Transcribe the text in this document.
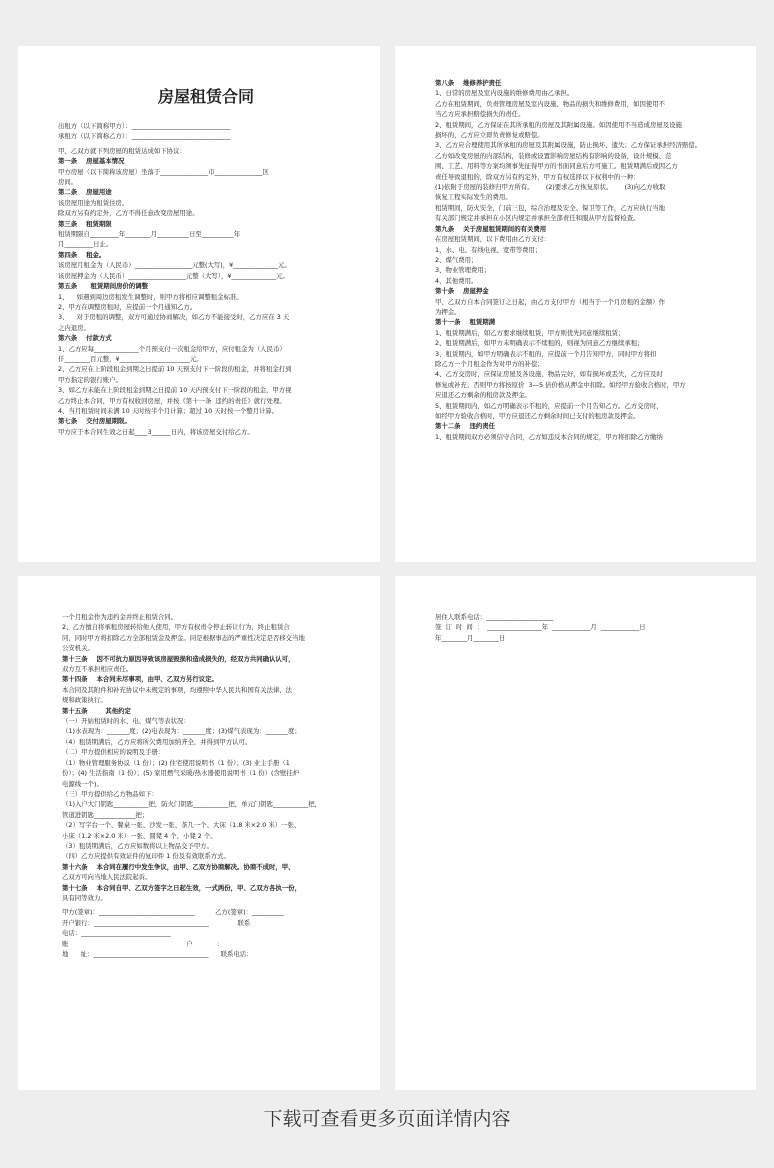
房屋租赁合同

出租方（以下简称甲方）：_______________________________

承租方（以下简称乙方）：_______________________________

甲、乙双方就下列房屋的租赁达成如下协议：

第一条    房屋基本情况

甲方房屋（以下简称该房屋）坐落于_______________市_______________区

房间。

第二条    房屋用途

该房屋用途为租赁住房。

除双方另有约定外，乙方不得任意改变房屋用途。

第三条    租赁期限

租赁期限自_________年________月__________日至__________年

月_________日止。

第四条    租金。

该房屋月租金为（人民币）__________________元整(大写)，¥______________元。

该房屋押金为（人民币）__________________元整（大写），¥______________元。

第五条      租赁期间房价的调整

1、    如遇到周边房租发生调整时，则甲方将相应调整租金标准。

2、甲方在调整房租时，应提前一个月通知乙方。

3、    对于房租的调整，双方可通过协商解决，如乙方不能接受时，乙方应在 3 天

之内退房。

第六条    付款方式

1、乙方应每______________个月预支付一次租金给甲方，应付租金为（人民币）

仟________百元整，¥______________________元。

2、乙方应在上阶段租金到期之日提前 10 天预支付下一阶段的租金，并将租金打到

甲方指定的银行账户。

3、如乙方未能在上阶段租金到期之日提前 10 天内预支付下一阶段的租金，甲方视

乙方终止本合同，甲方有权收回房屋，并按《第十一条  违约的责任》就行处理。

4、当月租赁时间未满 10 天时按半个月计算；超过 10 天时按一个整月计算。

第七条    交付房屋期限。

甲方应于本合同生效之日起____3______日内，将该房屋交付给乙方。

第八条    维修养护责任

1、日常的房屋及室内设施的维修费用由乙承担。

乙方在租赁期间，负责管理房屋及室内设施、物品的损失和维修费用，如因使用不

当乙方应承担赔偿损失的责任。

2、租赁期间，乙方保证在其所承租的房屋及其附属设施。如因使用不当造成房屋及设施

损坏的，乙方应立即负责修复或赔偿。

3、乙方应合理使用其所承租的房屋及其附属设施，防止损坏、遗失；乙方保证承担经济赔偿。

乙方如改变房屋的内部结构，装修或设置影响房屋结构有影响的设备，设计规模、范

围、工艺、用料等方案均须事先征得甲方的书面同意后方可施工。租赁期满后或因乙方

责任导致退租的，除双方另有约定外，甲方有权选择以下权利中的一种：

(1)依附于房屋的装修归甲方所有。      (2)要求乙方恢复原状。      (3)向乙方收取

恢复工程实际发生的费用。

租赁期间，防火安全，门前三包，综合治理及安全、保卫等工作，乙方应执行当地

有关部门规定并承担在小区内规定并承担全部责任和服从甲方监督检查。

第九条    关于房屋租赁期间的有关费用

在房屋租赁期间，以下费用由乙方支付：

1、水、电、有线电视、宽带等费用；

2、煤气费用；

3、物业管理费用；

4、其他费用。

第十条    房屋押金

甲、乙双方自本合同签订之日起，由乙方支付甲方（相当于一个月房租的金额）作

为押金。

第十一条    租赁期满

1、租赁期满后，如乙方要求继续租赁，甲方则优先同意继续租赁；

2、租赁期满后，如甲方未明确表示不续租的，则视为同意乙方继续承租；

3、租赁期内，如甲方明确表示不租的，应提前一个月告知甲方，同时甲方将扣

除乙方一个月租金作为对甲方的补偿；

4、乙方交房时，应保证房屋及各设施、物品完好，如有损坏或丢失，乙方应及时

修复或补充，否则甲方将按原价  3—5 倍价格从押金中扣除。如经甲方验收合格时，甲方

应退还乙方剩余的租房款及押金。

5、租赁期间内，如乙方明确表示不租的，应提前一个月告知乙方。乙方交房时，

如经甲方验收合格时，甲方应退还乙方剩余时间已支付的租房款及押金。

第十二条    违约责任

1、租赁期间双方必须信守合同，乙方如违反本合同的规定，甲方将扣除乙方缴纳

一个月租金作为违约金并终止租赁合同。

2、乙方擅自将承租房屋转给他人使用，甲方有权责令停止转让行为，终止租赁合

同，同时甲方将扣除乙方全部租赁金及押金。同是根据事态的严重性决定是否移交当地

公安机关。

第十三条    因不可抗力原因导致该房屋毁损和造成损失的，经双方共同确认认可，

双方互不承担相应责任。

第十四条    本合同未尽事项，由甲、乙双方另行议定。

本合同及其附件和补充协议中未规定的事项，均遵照中华人民共和国有关法律、法

规和政策执行。

第十五条        其他约定

（一）开始租赁时的水、电、煤气等表状况：

（1)水表现为：_______度；(2)电表现为：_______度；(3)煤气表现为：_______度；

（4）租赁期满后，乙方应将所欠费用加纳齐全，并得到甲方认可。

（二）甲方提供相应的说明及手册：

（1）物业管理服务协议（1 份）；(2) 住宅使用说明书（1 份）；(3) 业主手册（1

份）；(4) 生活指南（1 份）；(5) 家用燃气采暖/热水器使用说明书（1 份）(含壁挂炉

电源线一个)。

（三）甲方提供给乙方物品如下：

（1)入户大门钥匙___________把，防火门钥匙___________把，单元门钥匙___________把，

管道进钥匙_____________把；

（2）写字台一个、餐桌一张、沙发一张、茶几一个、大床（1.8 米×2.0 米）一张、

小床（1.2 米×2.0 米）一张、圆凳 4 个、小凳 2 个。

（3）租赁期满后，乙方应如数将以上物品交予甲方。

（四）乙方应提供有效证件的复印件 1 份及有效联系方式。

第十六条    本合同在履行中发生争议，由甲、乙双方协商解决。协商不成时，甲、

乙双方可向当地人民法院起诉。

第十七条    本合同自甲、乙双方签字之日起生效，一式两份，甲、乙双方各执一份，

具有同等效力。

甲方(签章)：______________________________          乙方(签章)：__________

开户银行：____________________________________              联系

电话：____________________________

账                                                          户            ：

地      址：____________________________________      联系电话：

居住人联系电话：_____________________

签  订  时  间  ：  _________________年  ____________月  ____________日

年________月________日

下载可查看更多页面详情内容
